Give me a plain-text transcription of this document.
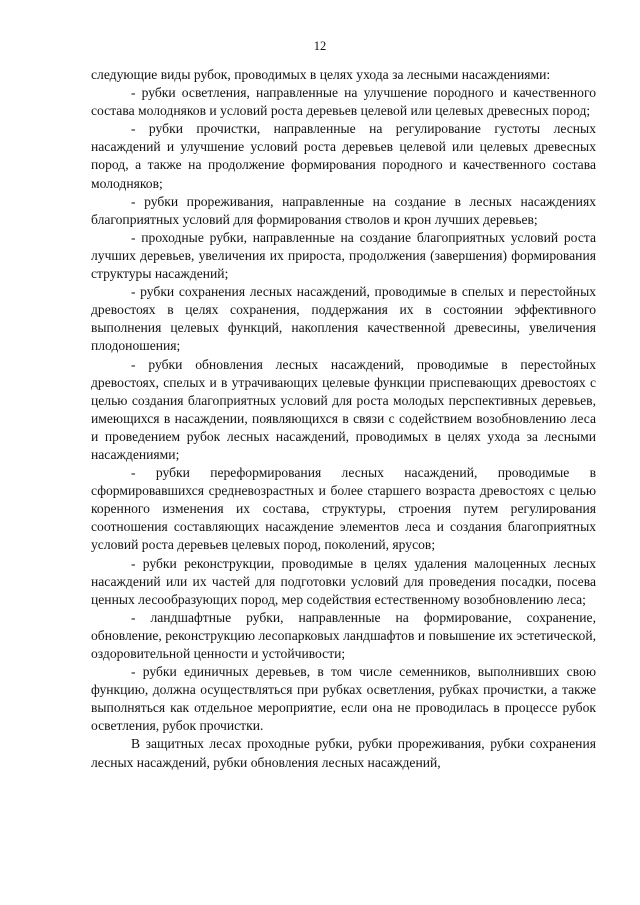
12

следующие виды рубок, проводимых в целях ухода за лесными насаждениями:

- рубки осветления, направленные на улучшение породного и качественного состава молодняков и условий роста деревьев целевой или целевых древесных пород;

- рубки прочистки, направленные на регулирование густоты лесных насаждений и улучшение условий роста деревьев целевой или целевых древесных пород, а также на продолжение формирования породного и качественного состава молодняков;

- рубки прореживания, направленные на создание в лесных насаждениях благоприятных условий для формирования стволов и крон лучших деревьев;

- проходные рубки, направленные на создание благоприятных условий роста лучших деревьев, увеличения их прироста, продолжения (завершения) формирования структуры насаждений;

- рубки сохранения лесных насаждений, проводимые в спелых и перестойных древостоях в целях сохранения, поддержания их в состоянии эффективного выполнения целевых функций, накопления качественной древесины, увеличения плодоношения;

- рубки обновления лесных насаждений, проводимые в перестойных древостоях, спелых и в утрачивающих целевые функции приспевающих древостоях с целью создания благоприятных условий для роста молодых перспективных деревьев, имеющихся в насаждении, появляющихся в связи с содействием возобновлению леса и проведением рубок лесных насаждений, проводимых в целях ухода за лесными насаждениями;

- рубки переформирования лесных насаждений, проводимые в сформировавшихся средневозрастных и более старшего возраста древостоях с целью коренного изменения их состава, структуры, строения путем регулирования соотношения составляющих насаждение элементов леса и создания благоприятных условий роста деревьев целевых пород, поколений, ярусов;

- рубки реконструкции, проводимые в целях удаления малоценных лесных насаждений или их частей для подготовки условий для проведения посадки, посева ценных лесообразующих пород, мер содействия естественному возобновлению леса;

- ландшафтные рубки, направленные на формирование, сохранение, обновление, реконструкцию лесопарковых ландшафтов и повышение их эстетической, оздоровительной ценности и устойчивости;

- рубки единичных деревьев, в том числе семенников, выполнивших свою функцию, должна осуществляться при рубках осветления, рубках прочистки, а также выполняться как отдельное мероприятие, если она не проводилась в процессе рубок осветления, рубок прочистки.

В защитных лесах проходные рубки, рубки прореживания, рубки сохранения лесных насаждений, рубки обновления лесных насаждений,
